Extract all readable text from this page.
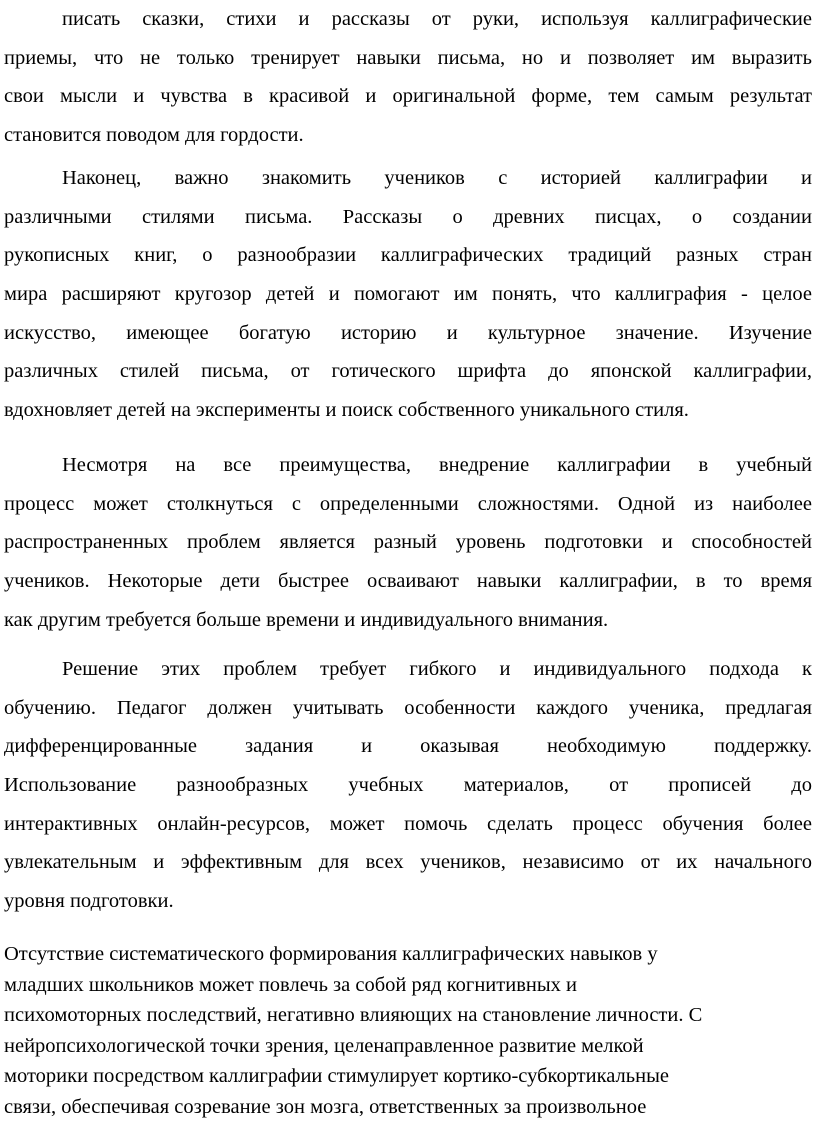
писать сказки, стихи и рассказы от руки, используя каллиграфические
приемы, что не только тренирует навыки письма, но и позволяет им выразить
свои мысли и чувства в красивой и оригинальной форме, тем самым результат
становится поводом для гордости.
Наконец, важно знакомить учеников с историей каллиграфии и
различными стилями письма. Рассказы о древних писцах, о создании
рукописных книг, о разнообразии каллиграфических традиций разных стран
мира расширяют кругозор детей и помогают им понять, что каллиграфия - целое
искусство, имеющее богатую историю и культурное значение. Изучение
различных стилей письма, от готического шрифта до японской каллиграфии,
вдохновляет детей на эксперименты и поиск собственного уникального стиля.
Несмотря на все преимущества, внедрение каллиграфии в учебный
процесс может столкнуться с определенными сложностями. Одной из наиболее
распространенных проблем является разный уровень подготовки и способностей
учеников. Некоторые дети быстрее осваивают навыки каллиграфии, в то время
как другим требуется больше времени и индивидуального внимания.
Решение этих проблем требует гибкого и индивидуального подхода к
обучению. Педагог должен учитывать особенности каждого ученика, предлагая
дифференцированные задания и оказывая необходимую поддержку.
Использование разнообразных учебных материалов, от прописей до
интерактивных онлайн-ресурсов, может помочь сделать процесс обучения более
увлекательным и эффективным для всех учеников, независимо от их начального
уровня подготовки.
Отсутствие систематического формирования каллиграфических навыков у
младших школьников может повлечь за собой ряд когнитивных и
психомоторных последствий, негативно влияющих на становление личности. С
нейропсихологической точки зрения, целенаправленное развитие мелкой
моторики посредством каллиграфии стимулирует кортико-субкортикальные
связи, обеспечивая созревание зон мозга, ответственных за произвольное
